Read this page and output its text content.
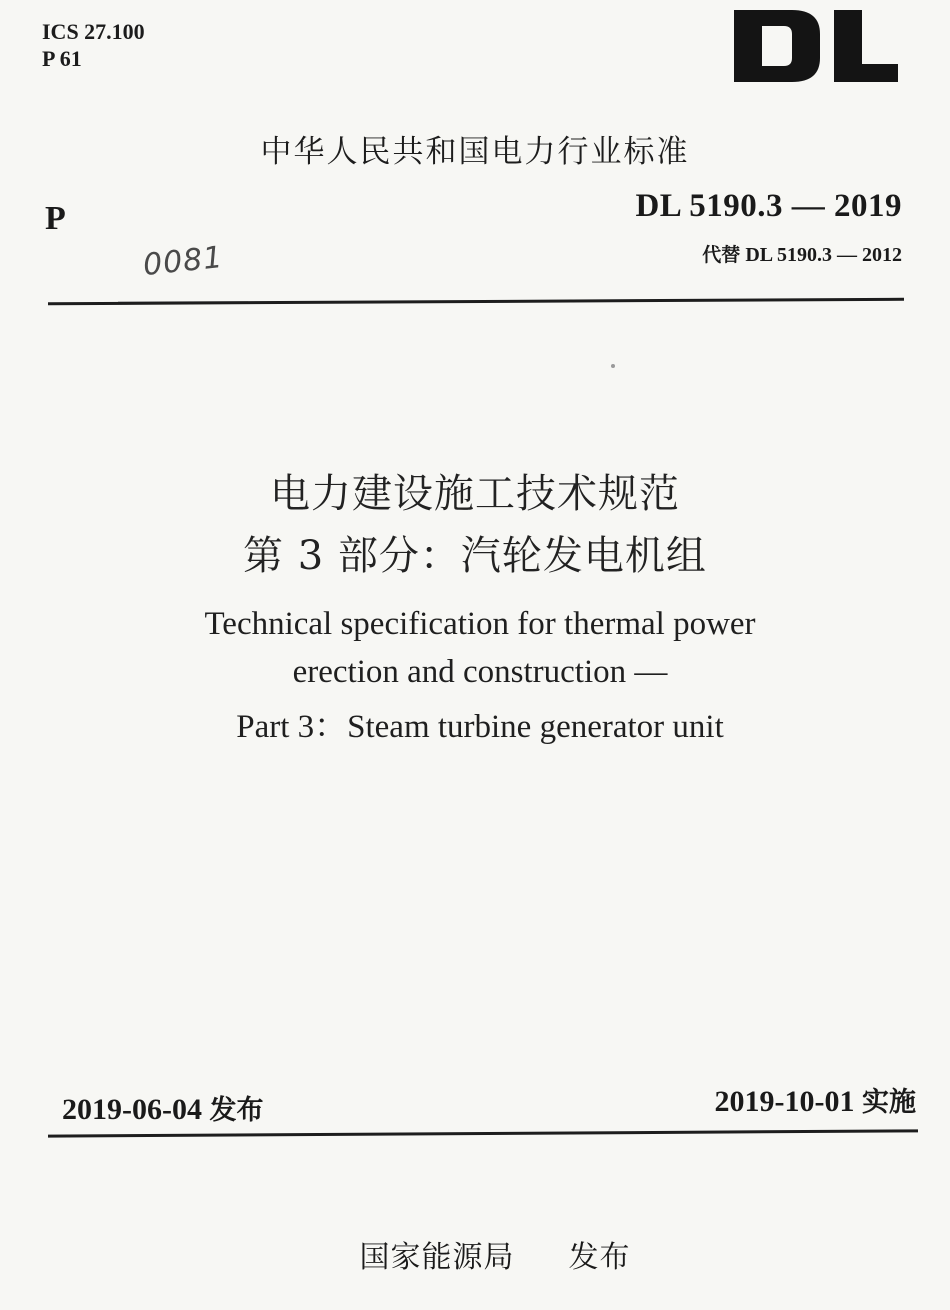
ICS 27.100
P 61
中华人民共和国电力行业标准
P	DL 5190.3 — 2019
代替 DL 5190.3 — 2012
0081
电力建设施工技术规范
第 3 部分：汽轮发电机组
Technical specification for thermal power
erection and construction —
Part 3：Steam turbine generator unit
2019-06-04 发布	2019-10-01 实施
国家能源局 发布
